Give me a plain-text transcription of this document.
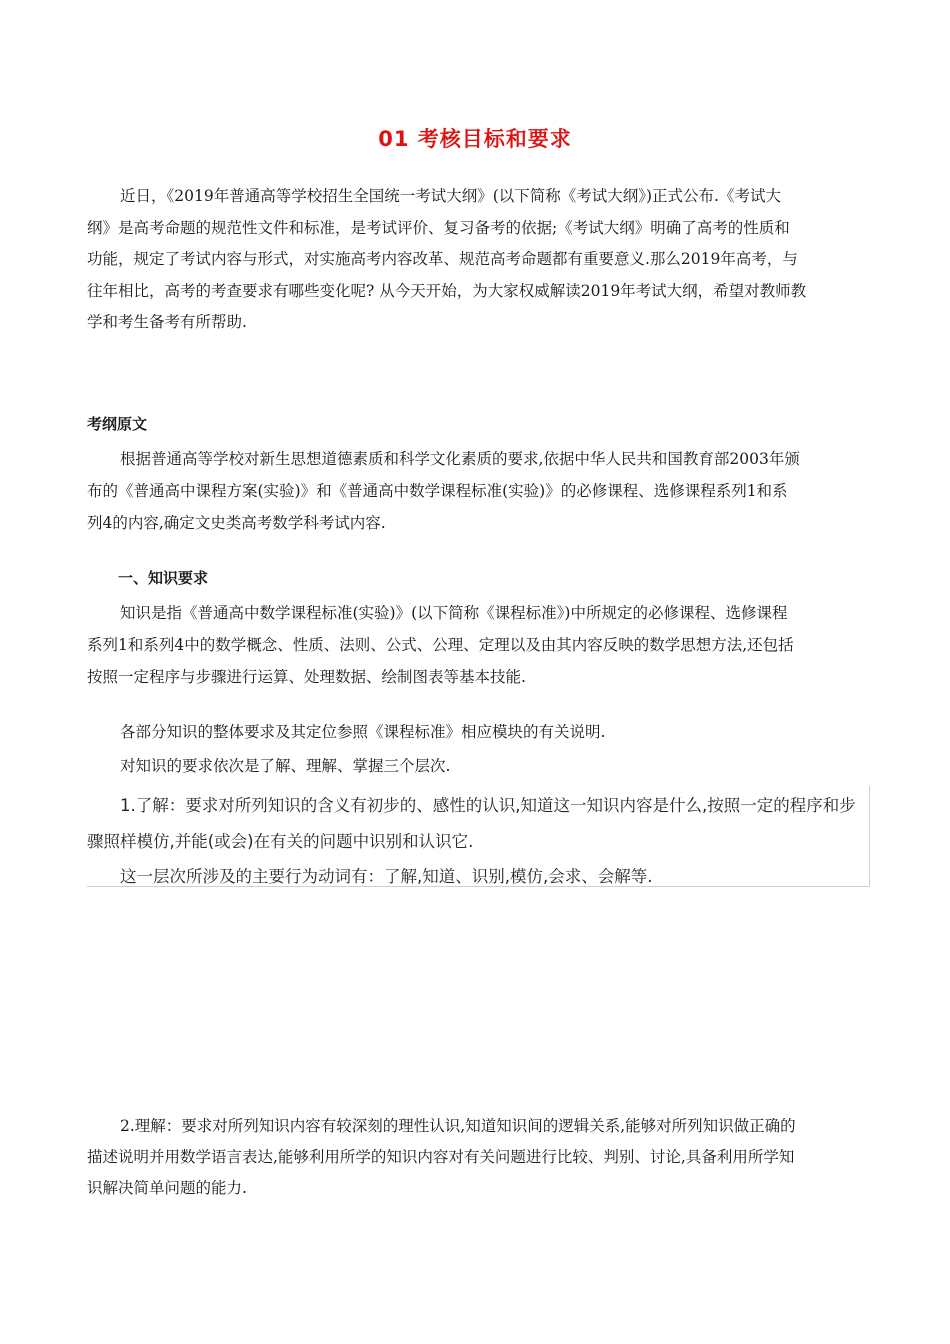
01 考核目标和要求
近日，《2019年普通高等学校招生全国统一考试大纲》(以下简称《考试大纲》)正式公布.《考试大
纲》是高考命题的规范性文件和标准，是考试评价、复习备考的依据;《考试大纲》明确了高考的性质和
功能，规定了考试内容与形式，对实施高考内容改革、规范高考命题都有重要意义.那么2019年高考，与
往年相比，高考的考查要求有哪些变化呢? 从今天开始，为大家权威解读2019年考试大纲，希望对教师教
学和考生备考有所帮助.
考纲原文
根据普通高等学校对新生思想道德素质和科学文化素质的要求,依据中华人民共和国教育部2003年颁
布的《普通高中课程方案(实验)》和《普通高中数学课程标准(实验)》的必修课程、选修课程系列1和系
列4的内容,确定文史类高考数学科考试内容.
一、知识要求
知识是指《普通高中数学课程标准(实验)》(以下简称《课程标准》)中所规定的必修课程、选修课程
系列1和系列4中的数学概念、性质、法则、公式、公理、定理以及由其内容反映的数学思想方法,还包括
按照一定程序与步骤进行运算、处理数据、绘制图表等基本技能.
各部分知识的整体要求及其定位参照《课程标准》相应模块的有关说明.
对知识的要求依次是了解、理解、掌握三个层次.
1.了解：要求对所列知识的含义有初步的、感性的认识,知道这一知识内容是什么,按照一定的程序和步
骤照样模仿,并能(或会)在有关的问题中识别和认识它.
这一层次所涉及的主要行为动词有：了解,知道、识别,模仿,会求、会解等.
2.理解：要求对所列知识内容有较深刻的理性认识,知道知识间的逻辑关系,能够对所列知识做正确的
描述说明并用数学语言表达,能够利用所学的知识内容对有关问题进行比较、判别、讨论,具备利用所学知
识解决简单问题的能力.
